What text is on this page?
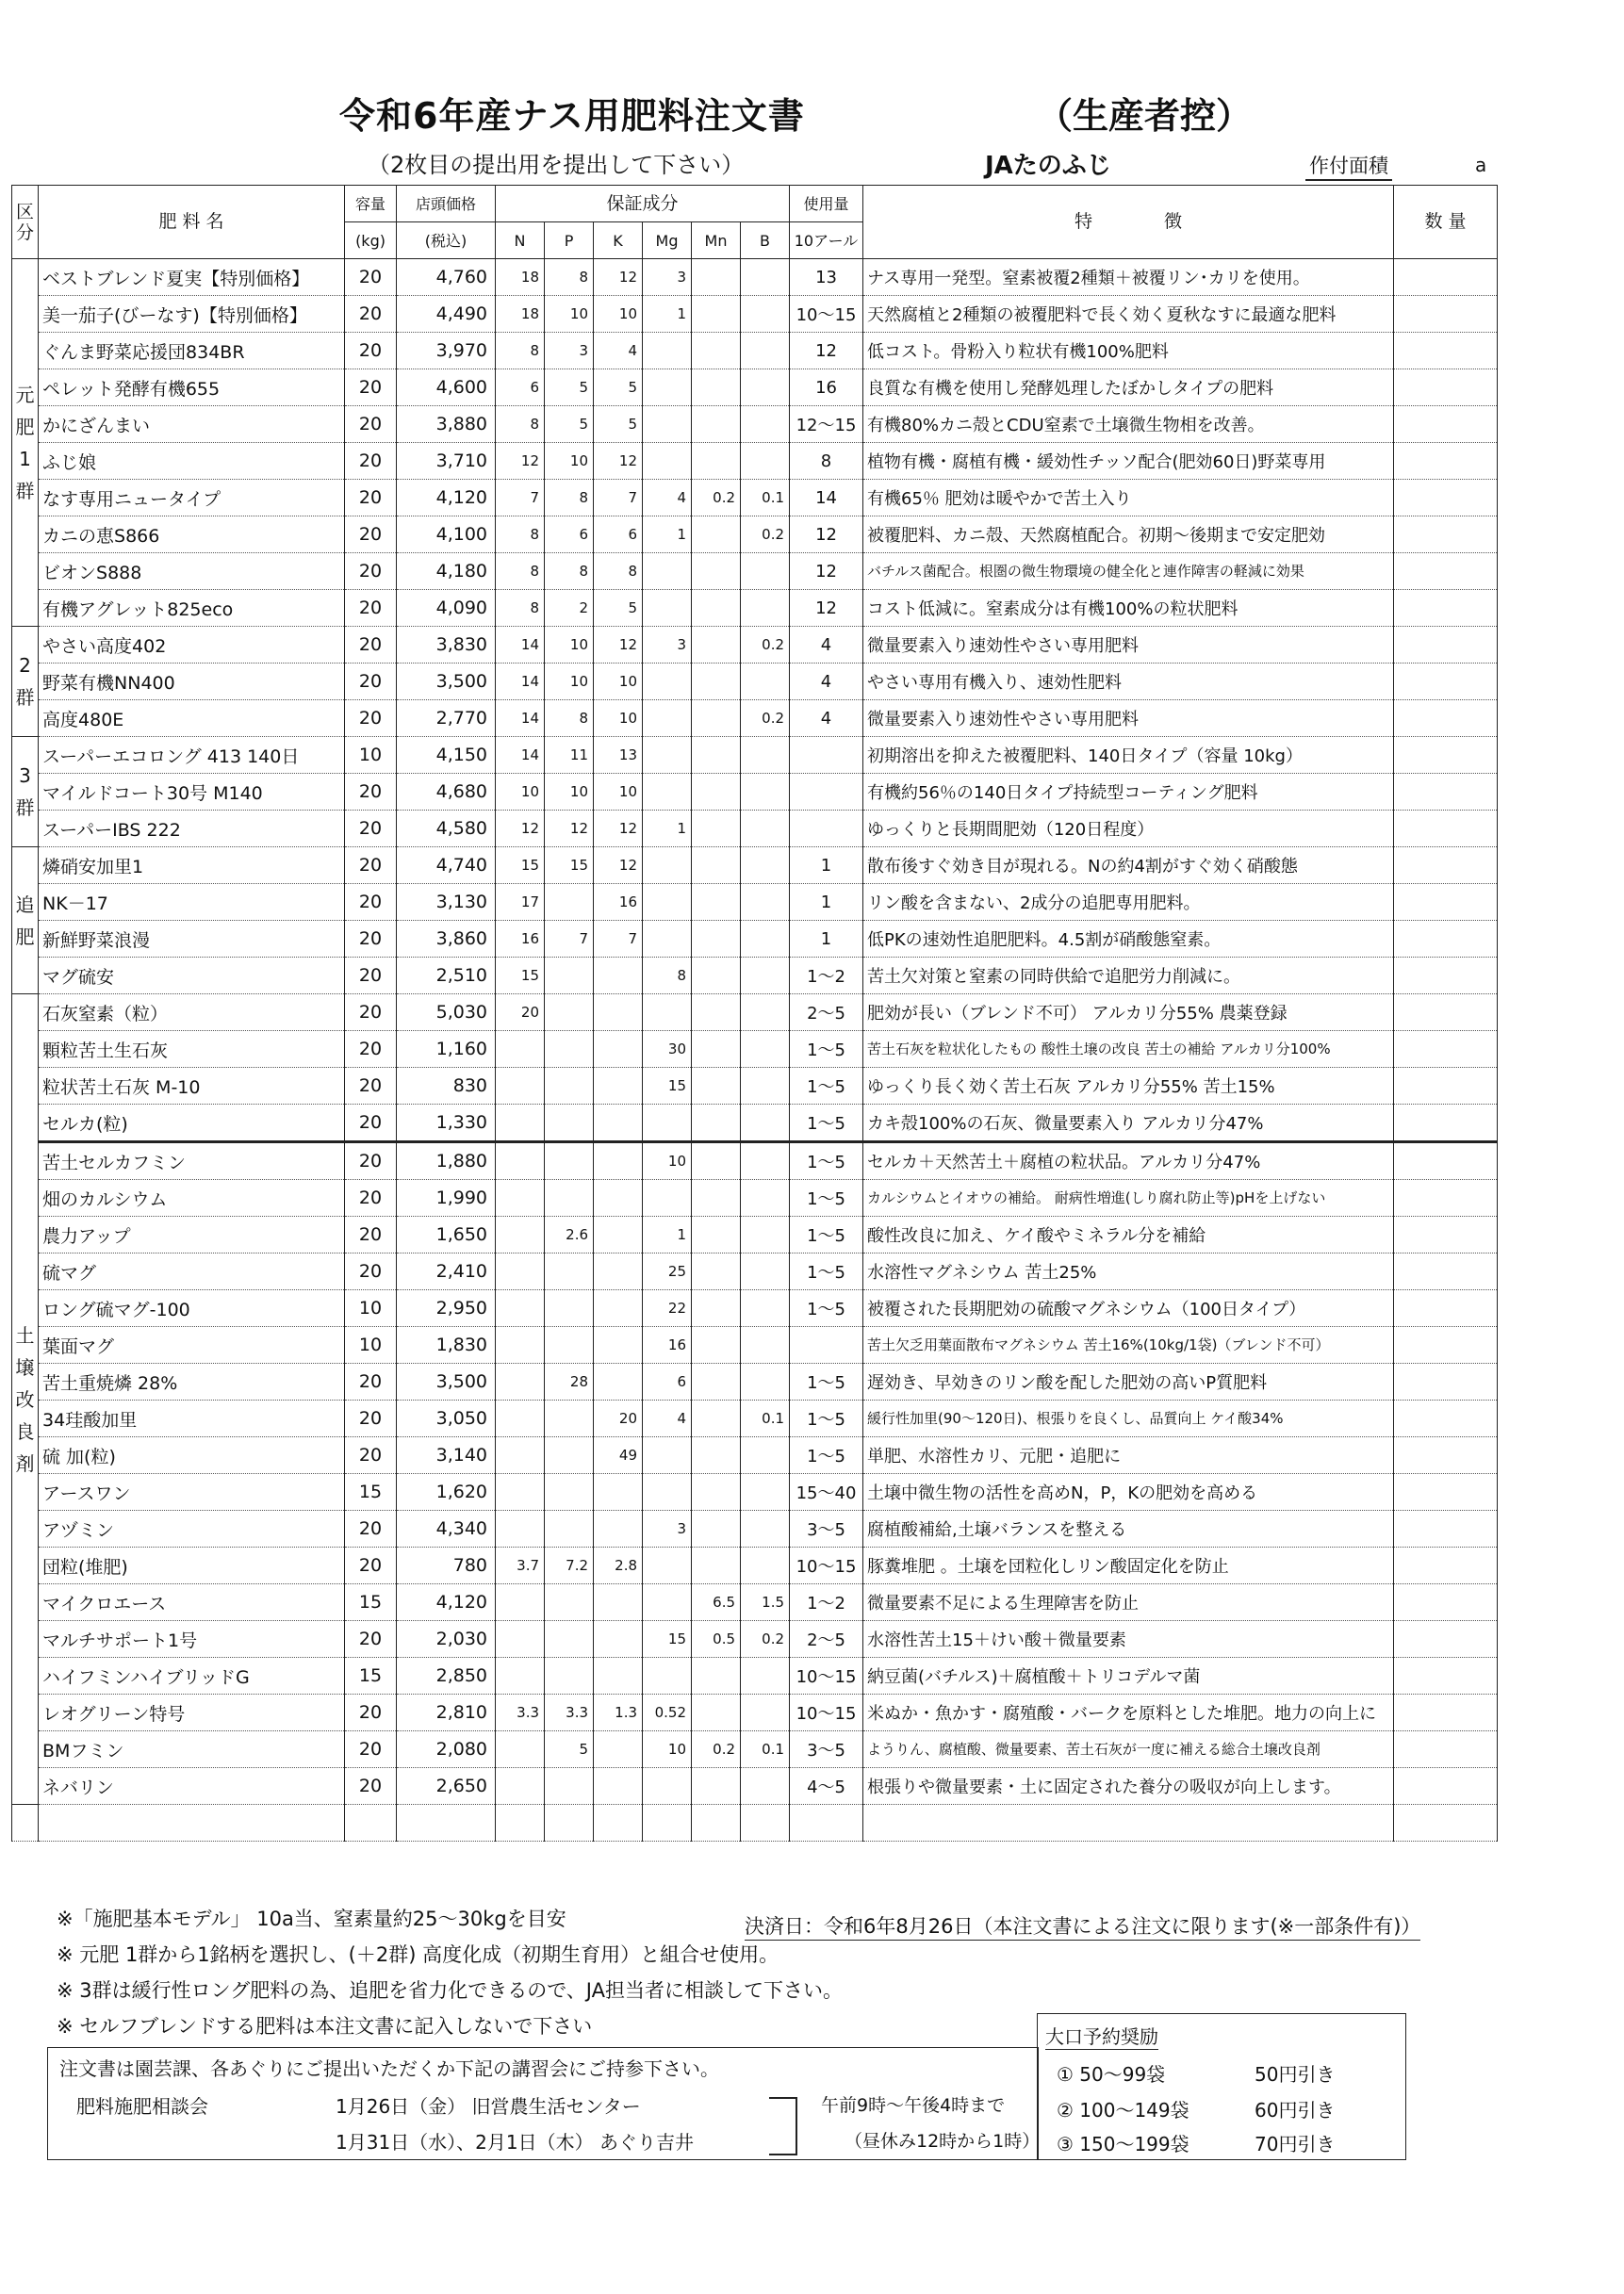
令和6年産ナス用肥料注文書	（生産者控）
（2枚目の提出用を提出して下さい）	JAたのふじ	作付面積	a
区分	肥 料 名	容量	店頭価格	保証成分						使用量	特　　　　徴	数 量
		(kg)	(税込)	N	P	K	Mg	Mn	B	10アール		
元肥1群	ベストブレンド夏実【特別価格】	20	4,760	18	8	12	3			13	ナス専用一発型。窒素被覆2種類＋被覆リン･カリを使用。	
	美一茄子(びーなす)【特別価格】	20	4,490	18	10	10	1			10～15	天然腐植と2種類の被覆肥料で長く効く夏秋なすに最適な肥料	
	ぐんま野菜応援団834BR	20	3,970	8	3	4				12	低コスト。骨粉入り粒状有機100%肥料	
	ペレット発酵有機655	20	4,600	6	5	5				16	良質な有機を使用し発酵処理したぼかしタイプの肥料	
	かにざんまい	20	3,880	8	5	5				12～15	有機80%カニ殻とCDU窒素で土壌微生物相を改善。	
	ふじ娘	20	3,710	12	10	12				8	植物有機・腐植有機・緩効性チッソ配合(肥効60日)野菜専用	
	なす専用ニュータイプ	20	4,120	7	8	7	4	0.2	0.1	14	有機65％ 肥効は暖やかで苦土入り	
	カニの恵S866	20	4,100	8	6	6	1		0.2	12	被覆肥料、カニ殻、天然腐植配合。初期～後期まで安定肥効	
	ビオンS888	20	4,180	8	8	8				12	バチルス菌配合。根圏の微生物環境の健全化と連作障害の軽減に効果	
	有機アグレット825eco	20	4,090	8	2	5				12	コスト低減に。窒素成分は有機100%の粒状肥料	
2群	やさい高度402	20	3,830	14	10	12	3		0.2	4	微量要素入り速効性やさい専用肥料	
	野菜有機NN400	20	3,500	14	10	10				4	やさい専用有機入り、速効性肥料	
	高度480E	20	2,770	14	8	10			0.2	4	微量要素入り速効性やさい専用肥料	
3群	スーパーエコロング 413 140日	10	4,150	14	11	13					初期溶出を抑えた被覆肥料、140日タイプ（容量 10kg）	
	マイルドコート30号 M140	20	4,680	10	10	10					有機約56％の140日タイプ持続型コーティング肥料	
	スーパーIBS 222	20	4,580	12	12	12	1				ゆっくりと長期間肥効（120日程度）	
追肥	燐硝安加里1	20	4,740	15	15	12				1	散布後すぐ効き目が現れる。Nの約4割がすぐ効く硝酸態	
	NK－17	20	3,130	17		16				1	リン酸を含まない、2成分の追肥専用肥料。	
	新鮮野菜浪漫	20	3,860	16	7	7				1	低PKの速効性追肥肥料。4.5割が硝酸態窒素。	
	マグ硫安	20	2,510	15			8			1～2	苦土欠対策と窒素の同時供給で追肥労力削減に。	
土壌改良剤	石灰窒素（粒）	20	5,030	20						2～5	肥効が長い（ブレンド不可） アルカリ分55% 農薬登録	
	顆粒苦土生石灰	20	1,160				30			1～5	苦土石灰を粒状化したもの 酸性土壌の改良 苦土の補給 アルカリ分100%	
	粒状苦土石灰 M-10	20	830				15			1～5	ゆっくり長く効く苦土石灰 アルカリ分55% 苦土15%	
	セルカ(粒)	20	1,330							1～5	カキ殻100%の石灰、微量要素入り アルカリ分47%	
	苦土セルカフミン	20	1,880				10			1～5	セルカ＋天然苦土＋腐植の粒状品。アルカリ分47%	
	畑のカルシウム	20	1,990							1～5	カルシウムとイオウの補給。 耐病性増進(しり腐れ防止等)pHを上げない	
	農力アップ	20	1,650		2.6		1			1～5	酸性改良に加え、ケイ酸やミネラル分を補給	
	硫マグ	20	2,410				25			1～5	水溶性マグネシウム 苦土25%	
	ロング硫マグ-100	10	2,950				22			1～5	被覆された長期肥効の硫酸マグネシウム（100日タイプ）	
	葉面マグ	10	1,830				16				苦土欠乏用葉面散布マグネシウム 苦土16%(10kg/1袋)（ブレンド不可）	
	苦土重焼燐 28%	20	3,500		28		6			1～5	遅効き、早効きのリン酸を配した肥効の高いP質肥料	
	34珪酸加里	20	3,050			20	4		0.1	1～5	緩行性加里(90～120日)、根張りを良くし、品質向上 ケイ酸34%	
	硫 加(粒)	20	3,140			49				1～5	単肥、水溶性カリ、元肥・追肥に	
	アースワン	15	1,620							15～40	土壌中微生物の活性を高めN，P，Kの肥効を高める	
	アヅミン	20	4,340				3			3～5	腐植酸補給,土壌バランスを整える	
	団粒(堆肥)	20	780	3.7	7.2	2.8				10～15	豚糞堆肥 。土壌を団粒化しリン酸固定化を防止	
	マイクロエース	15	4,120					6.5	1.5	1～2	微量要素不足による生理障害を防止	
	マルチサポート1号	20	2,030				15	0.5	0.2	2～5	水溶性苦土15＋けい酸＋微量要素	
	ハイフミンハイブリッドG	15	2,850							10～15	納豆菌(バチルス)＋腐植酸＋トリコデルマ菌	
	レオグリーン特号	20	2,810	3.3	3.3	1.3	0.52			10～15	米ぬか・魚かす・腐殖酸・バークを原料とした堆肥。地力の向上に	
	BMフミン	20	2,080		5		10	0.2	0.1	3～5	ようりん、腐植酸、微量要素、苦土石灰が一度に補える総合土壌改良剤	
	ネバリン	20	2,650							4～5	根張りや微量要素・土に固定された養分の吸収が向上します。	

※「施肥基本モデル」 10a当、窒素量約25～30kgを目安
※ 元肥 1群から1銘柄を選択し、(＋2群) 高度化成（初期生育用）と組合せ使用。
※ 3群は緩行性ロング肥料の為、追肥を省力化できるので、JA担当者に相談して下さい。
※ セルフブレンドする肥料は本注文書に記入しないで下さい
決済日：令和6年8月26日（本注文書による注文に限ります(※一部条件有)）
注文書は園芸課、各あぐりにご提出いただくか下記の講習会にご持参下さい。
肥料施肥相談会	1月26日（金） 旧営農生活センター
1月31日（水）、2月1日（木） あぐり吉井
午前9時～午後4時まで
（昼休み12時から1時）
大口予約奨励
① 50～99袋	50円引き
② 100～149袋	60円引き
③ 150～199袋	70円引き
